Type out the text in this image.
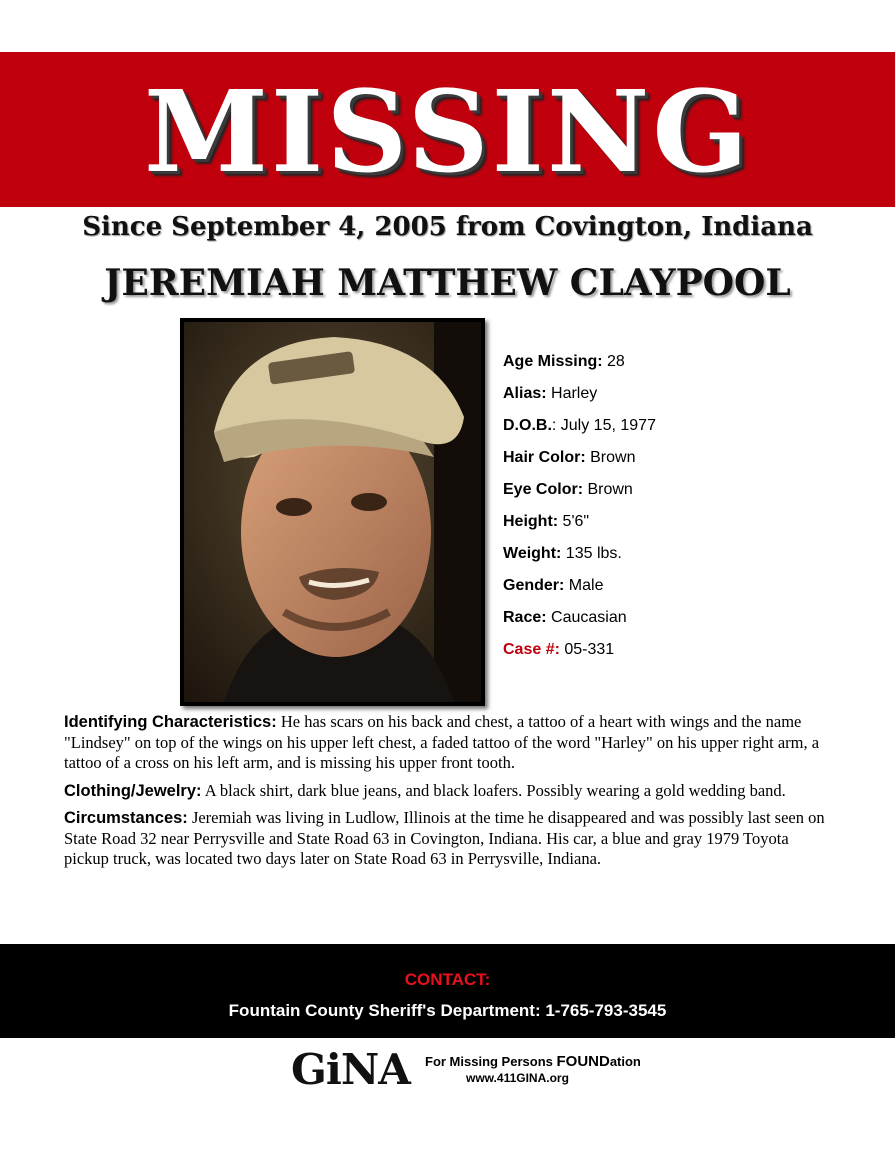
MISSING
Since September 4, 2005 from Covington, Indiana
JEREMIAH MATTHEW CLAYPOOL
Age Missing: 28
Alias: Harley
D.O.B.: July 15, 1977
Hair Color: Brown
Eye Color: Brown
Height: 5'6"
Weight: 135 lbs.
Gender: Male
Race: Caucasian
Case #: 05-331

Identifying Characteristics: He has scars on his back and chest, a tattoo of a heart with wings and the name "Lindsey" on top of the wings on his upper left chest, a faded tattoo of the word "Harley" on his upper right arm, a tattoo of a cross on his left arm, and is missing his upper front tooth.

Clothing/Jewelry: A black shirt, dark blue jeans, and black loafers. Possibly wearing a gold wedding band.

Circumstances: Jeremiah was living in Ludlow, Illinois at the time he disappeared and was possibly last seen on State Road 32 near Perrysville and State Road 63 in Covington, Indiana. His car, a blue and gray 1979 Toyota pickup truck, was located two days later on State Road 63 in Perrysville, Indiana.

CONTACT:
Fountain County Sheriff's Department: 1-765-793-3545
GiNA For Missing Persons FOUNDation
www.411GINA.org
